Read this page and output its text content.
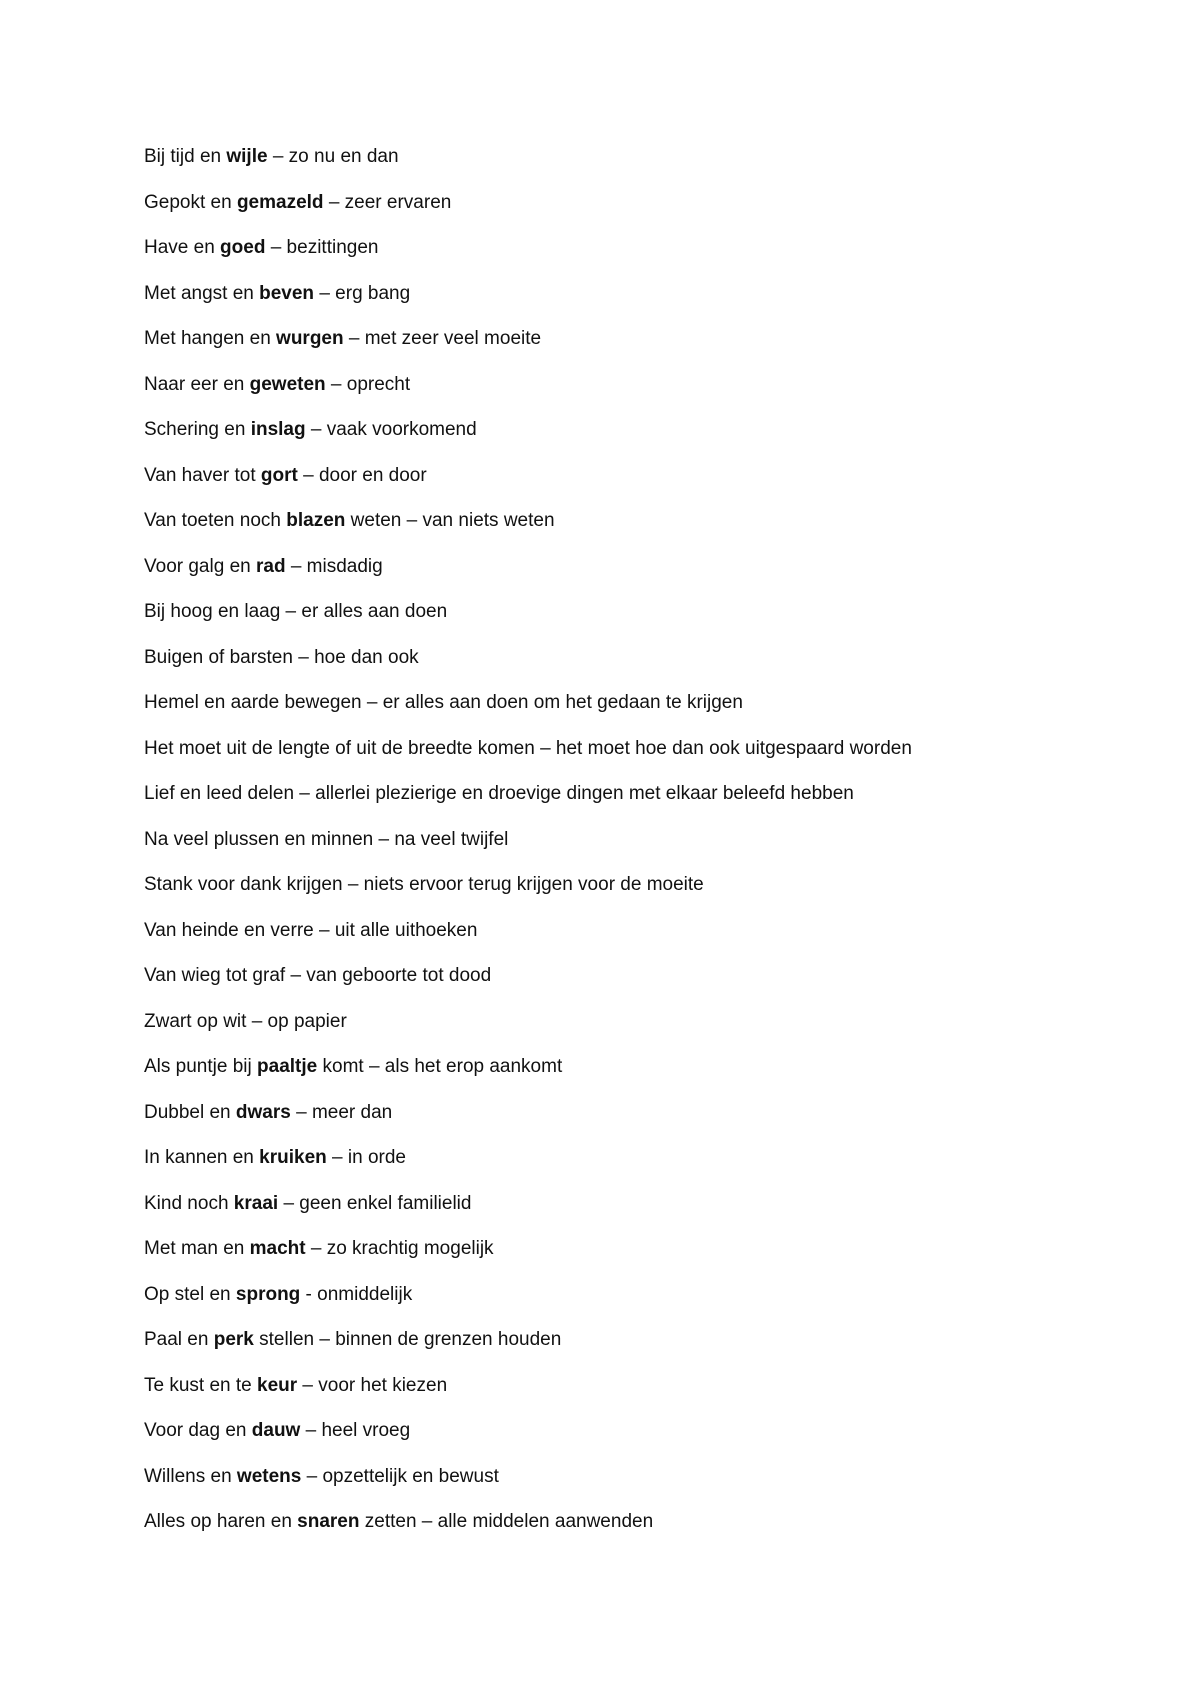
Bij tijd en wijle – zo nu en dan
Gepokt en gemazeld – zeer ervaren
Have en goed – bezittingen
Met angst en beven – erg bang
Met hangen en wurgen – met zeer veel moeite
Naar eer en geweten – oprecht
Schering en inslag – vaak voorkomend
Van haver tot gort – door en door
Van toeten noch blazen weten – van niets weten
Voor galg en rad – misdadig
Bij hoog en laag – er alles aan doen
Buigen of barsten – hoe dan ook
Hemel en aarde bewegen – er alles aan doen om het gedaan te krijgen
Het moet uit de lengte of uit de breedte komen – het moet hoe dan ook uitgespaard worden
Lief en leed delen – allerlei plezierige en droevige dingen met elkaar beleefd hebben
Na veel plussen en minnen – na veel twijfel
Stank voor dank krijgen – niets ervoor terug krijgen voor de moeite
Van heinde en verre – uit alle uithoeken
Van wieg tot graf – van geboorte tot dood
Zwart op wit – op papier
Als puntje bij paaltje komt – als het erop aankomt
Dubbel en dwars – meer dan
In kannen en kruiken – in orde
Kind noch kraai – geen enkel familielid
Met man en macht – zo krachtig mogelijk
Op stel en sprong - onmiddelijk
Paal en perk stellen – binnen de grenzen houden
Te kust en te keur – voor het kiezen
Voor dag en dauw – heel vroeg
Willens en wetens – opzettelijk en bewust
Alles op haren en snaren zetten – alle middelen aanwenden
